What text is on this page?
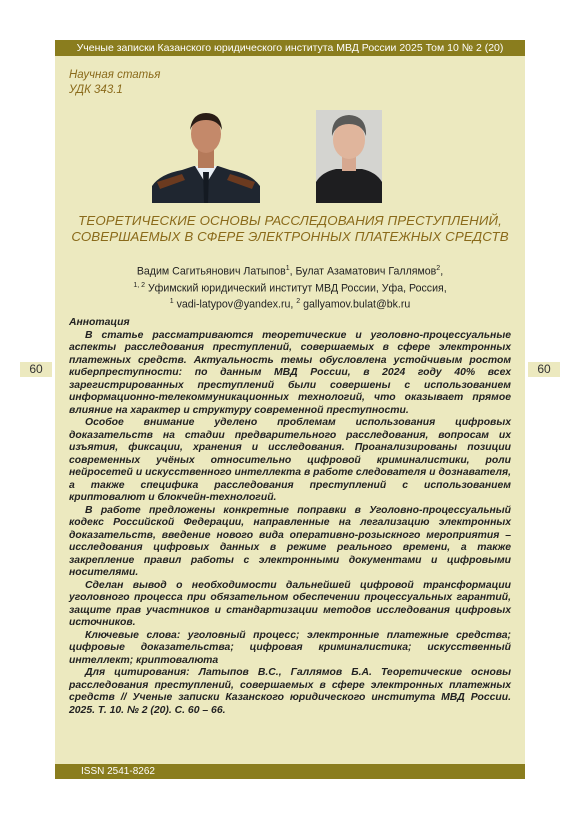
Ученые записки Казанского юридического института МВД России 2025 Том 10 № 2 (20)
60	60
Научная статья
УДК 343.1
ТЕОРЕТИЧЕСКИЕ ОСНОВЫ РАССЛЕДОВАНИЯ ПРЕСТУПЛЕНИЙ, СОВЕРШАЕМЫХ В СФЕРЕ ЭЛЕКТРОННЫХ ПЛАТЕЖНЫХ СРЕДСТВ
Вадим Сагитьянович Латыпов$^1$, Булат Азаматович Галлямов$^2$,
$^{1, 2}$ Уфимский юридический институт МВД России, Уфа, Россия,
$^1$ vadi-latypov@yandex.ru, $^2$ gallyamov.bulat@bk.ru

Аннотация

В статье рассматриваются теоретические и уголовно-процессуальные аспекты расследования преступлений, совершаемых в сфере электронных платежных средств. Актуальность темы обусловлена устойчивым ростом киберпреступности: по данным МВД России, в 2024 году 40% всех зарегистрированных преступлений были совершены с использованием информационно-телекоммуникационных технологий, что оказывает прямое влияние на характер и структуру современной преступности.

Особое внимание уделено проблемам использования цифровых доказательств на стадии предварительного расследования, вопросам их изъятия, фиксации, хранения и исследования. Проанализированы позиции современных учёных относительно цифровой криминалистики, роли нейросетей и искусственного интеллекта в работе следователя и дознавателя, а также специфика расследования преступлений с использованием криптовалют и блокчейн-технологий.

В работе предложены конкретные поправки в Уголовно-процессуальный кодекс Российской Федерации, направленные на легализацию электронных доказательств, введение нового вида оперативно-розыскного мероприятия – исследования цифровых данных в режиме реального времени, а также закрепление правил работы с электронными документами и цифровыми носителями.

Сделан вывод о необходимости дальнейшей цифровой трансформации уголовного процесса при обязательном обеспечении процессуальных гарантий, защите прав участников и стандартизации методов исследования цифровых источников.

Ключевые слова: уголовный процесс; электронные платежные средства; цифровые доказательства; цифровая криминалистика; искусственный интеллект; криптовалюта

Для цитирования: Латыпов В.С., Галлямов Б.А. Теоретические основы расследования преступлений, совершаемых в сфере электронных платежных средств // Ученые записки Казанского юридического института МВД России. 2025. Т. 10. № 2 (20). С. 60 – 66.

ISSN 2541-8262
